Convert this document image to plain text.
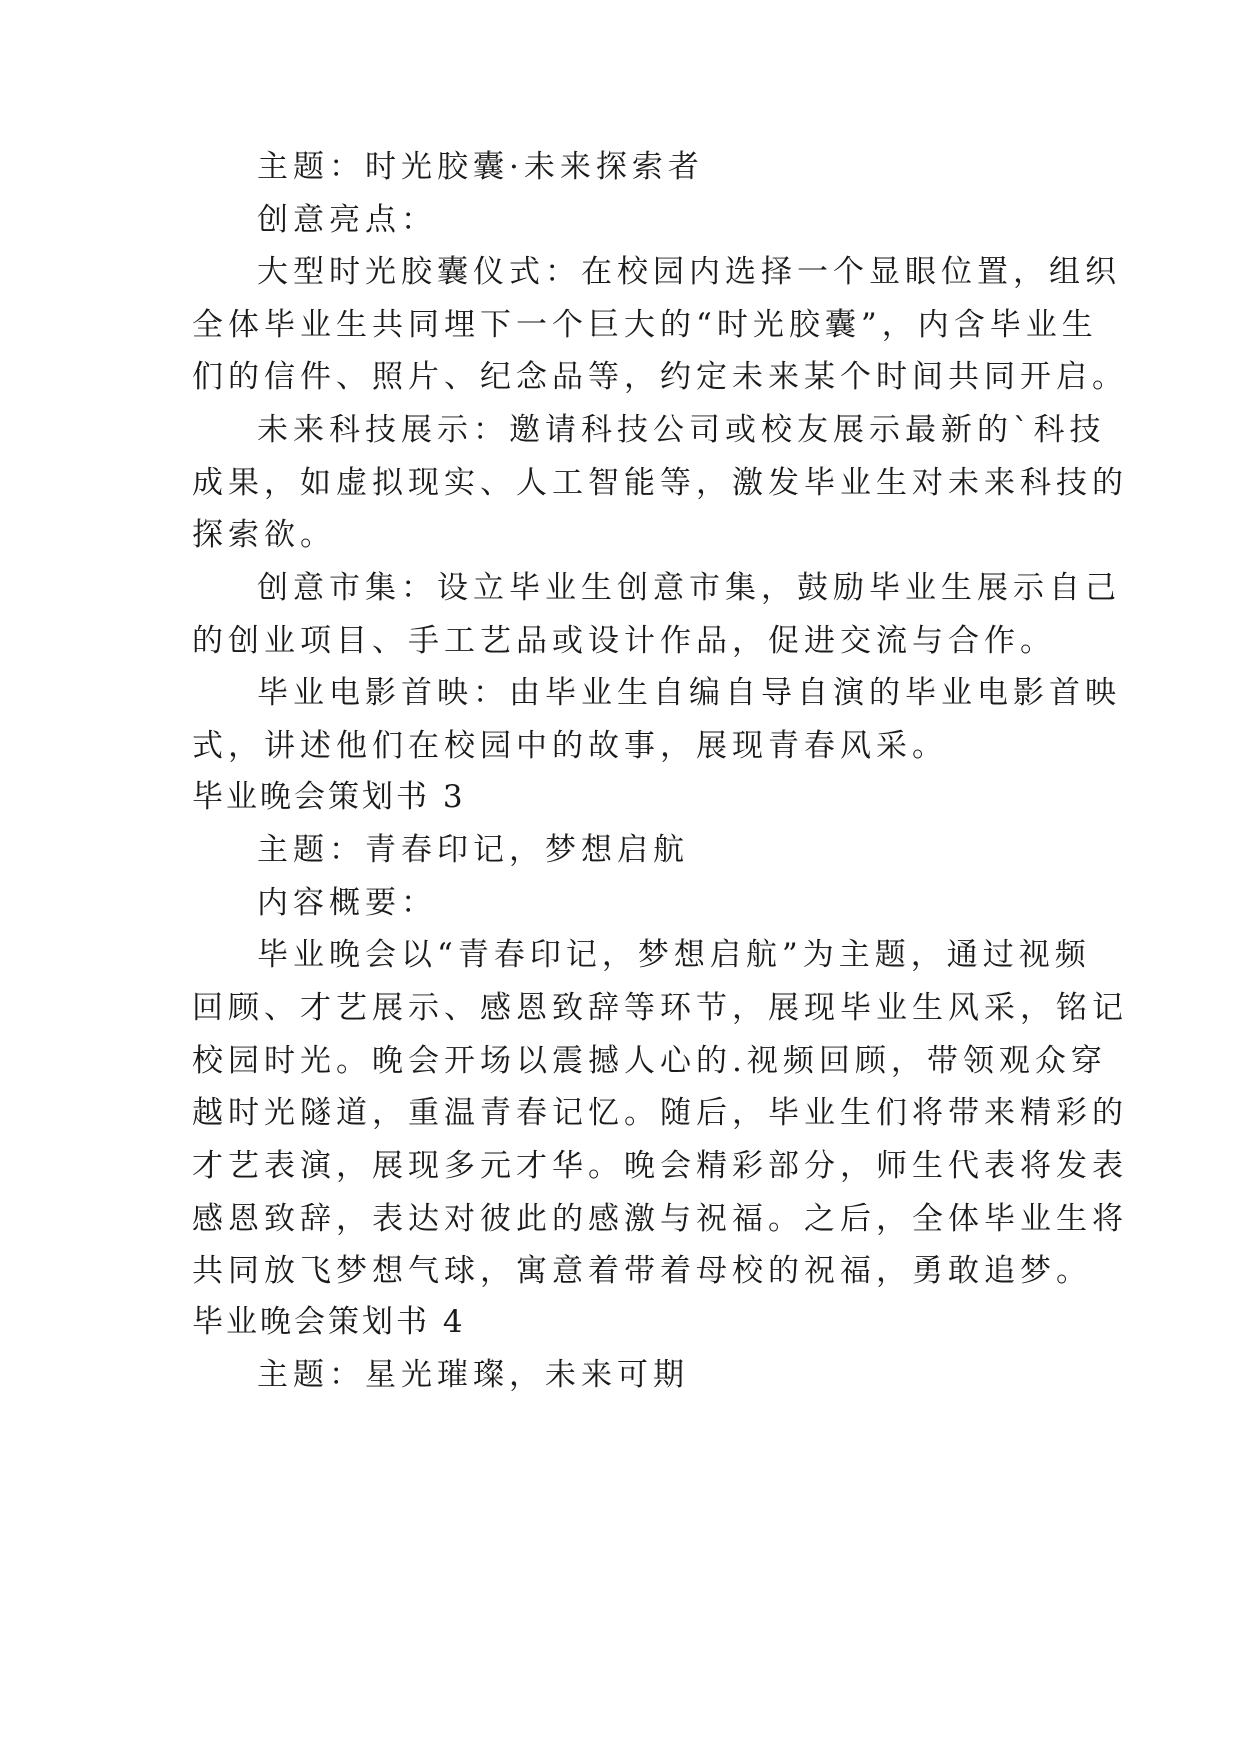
主题：时光胶囊·未来探索者

创意亮点：

大型时光胶囊仪式：在校园内选择一个显眼位置，组织

全体毕业生共同埋下一个巨大的“时光胶囊”，内含毕业生

们的信件、照片、纪念品等，约定未来某个时间共同开启。

未来科技展示：邀请科技公司或校友展示最新的`科技

成果，如虚拟现实、人工智能等，激发毕业生对未来科技的

探索欲。

创意市集：设立毕业生创意市集，鼓励毕业生展示自己

的创业项目、手工艺品或设计作品，促进交流与合作。

毕业电影首映：由毕业生自编自导自演的毕业电影首映

式，讲述他们在校园中的故事，展现青春风采。

毕业晚会策划书 3

主题：青春印记，梦想启航

内容概要：

毕业晚会以“青春印记，梦想启航”为主题，通过视频

回顾、才艺展示、感恩致辞等环节，展现毕业生风采，铭记

校园时光。晚会开场以震撼人心的.视频回顾，带领观众穿

越时光隧道，重温青春记忆。随后，毕业生们将带来精彩的

才艺表演，展现多元才华。晚会精彩部分，师生代表将发表

感恩致辞，表达对彼此的感激与祝福。之后，全体毕业生将

共同放飞梦想气球，寓意着带着母校的祝福，勇敢追梦。

毕业晚会策划书 4

主题：星光璀璨，未来可期
